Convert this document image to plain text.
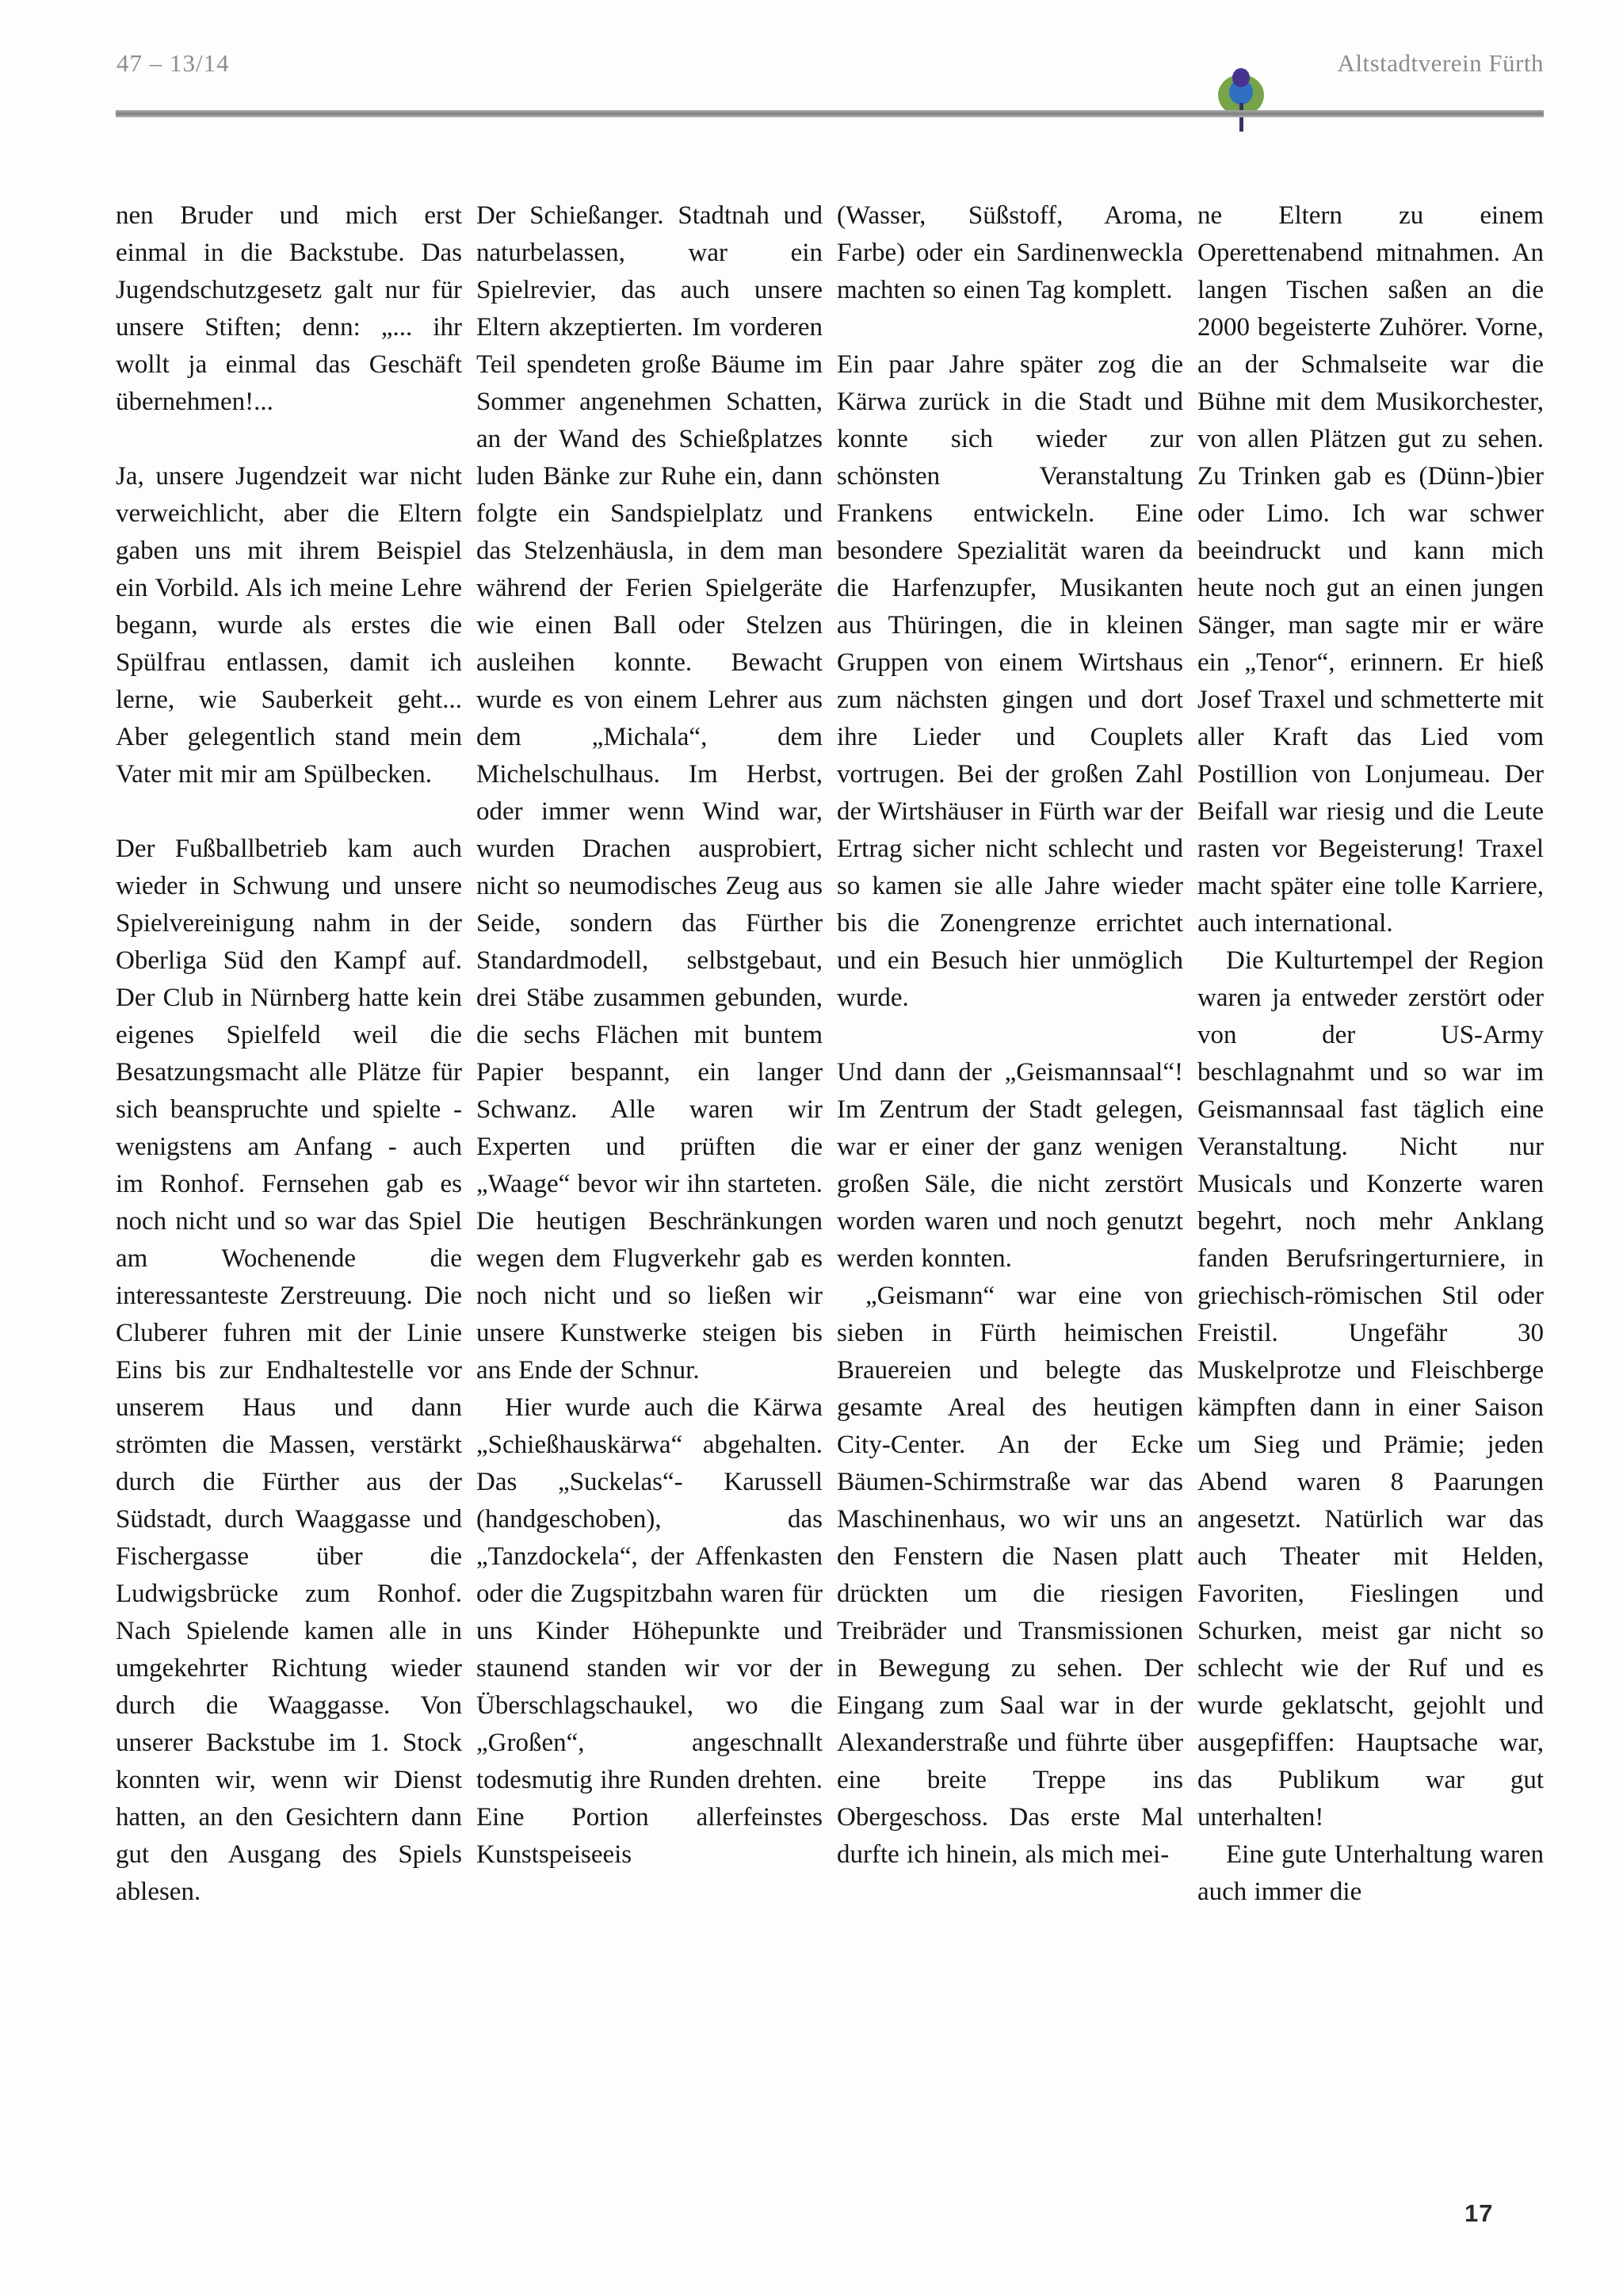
47 – 13/14	Altstadtverein Fürth

nen Bruder und mich erst einmal in die Backstube. Das Jugendschutzgesetz galt nur für unsere Stiften; denn: „... ihr wollt ja einmal das Geschäft übernehmen!...

Ja, unsere Jugendzeit war nicht verweichlicht, aber die Eltern gaben uns mit ihrem Beispiel ein Vorbild. Als ich meine Lehre begann, wurde als erstes die Spülfrau entlassen, damit ich lerne, wie Sauberkeit geht... Aber gelegentlich stand mein Vater mit mir am Spülbecken.

Der Fußballbetrieb kam auch wieder in Schwung und unsere Spielvereinigung nahm in der Oberliga Süd den Kampf auf. Der Club in Nürnberg hatte kein eigenes Spielfeld weil die Besatzungsmacht alle Plätze für sich beanspruchte und spielte - wenigstens am Anfang - auch im Ronhof. Fernsehen gab es noch nicht und so war das Spiel am Wochenende die interessanteste Zerstreuung. Die Cluberer fuhren mit der Linie Eins bis zur Endhaltestelle vor unserem Haus und dann strömten die Massen, verstärkt durch die Fürther aus der Südstadt, durch Waaggasse und Fischergasse über die Ludwigsbrücke zum Ronhof. Nach Spielende kamen alle in umgekehrter Richtung wieder durch die Waaggasse. Von unserer Backstube im 1. Stock konnten wir, wenn wir Dienst hatten, an den Gesichtern dann gut den Ausgang des Spiels ablesen.

Der Schießanger. Stadtnah und naturbelassen, war ein Spielrevier, das auch unsere Eltern akzeptierten. Im vorderen Teil spendeten große Bäume im Sommer angenehmen Schatten, an der Wand des Schießplatzes luden Bänke zur Ruhe ein, dann folgte ein Sandspielplatz und das Stelzenhäusla, in dem man während der Ferien Spielgeräte wie einen Ball oder Stelzen ausleihen konnte. Bewacht wurde es von einem Lehrer aus dem „Michala“, dem Michelschulhaus. Im Herbst, oder immer wenn Wind war, wurden Drachen ausprobiert, nicht so neumodisches Zeug aus Seide, sondern das Fürther Standardmodell, selbstgebaut, drei Stäbe zusammen gebunden, die sechs Flächen mit buntem Papier bespannt, ein langer Schwanz. Alle waren wir Experten und prüften die „Waage“ bevor wir ihn starteten. Die heutigen Beschränkungen wegen dem Flugverkehr gab es noch nicht und so ließen wir unsere Kunstwerke steigen bis ans Ende der Schnur.

Hier wurde auch die Kärwa „Schießhauskärwa“ abgehalten. Das „Suckelas“- Karussell (handgeschoben), das „Tanzdockela“, der Affenkasten oder die Zugspitzbahn waren für uns Kinder Höhepunkte und staunend standen wir vor der Überschlagschaukel, wo die „Großen“, angeschnallt todesmutig ihre Runden drehten. Eine Portion allerfeinstes Kunstspeiseeis

(Wasser, Süßstoff, Aroma, Farbe) oder ein Sardinenweckla machten so einen Tag komplett.

Ein paar Jahre später zog die Kärwa zurück in die Stadt und konnte sich wieder zur schönsten Veranstaltung Frankens entwickeln. Eine besondere Spezialität waren da die Harfenzupfer, Musikanten aus Thüringen, die in kleinen Gruppen von einem Wirtshaus zum nächsten gingen und dort ihre Lieder und Couplets vortrugen. Bei der großen Zahl der Wirtshäuser in Fürth war der Ertrag sicher nicht schlecht und so kamen sie alle Jahre wieder bis die Zonengrenze errichtet und ein Besuch hier unmöglich wurde.

Und dann der „Geismannsaal“! Im Zentrum der Stadt gelegen, war er einer der ganz wenigen großen Säle, die nicht zerstört worden waren und noch genutzt werden konnten.

„Geismann“ war eine von sieben in Fürth heimischen Brauereien und belegte das gesamte Areal des heutigen City-Center. An der Ecke Bäumen-Schirmstraße war das Maschinenhaus, wo wir uns an den Fenstern die Nasen platt drückten um die riesigen Treibräder und Transmissionen in Bewegung zu sehen. Der Eingang zum Saal war in der Alexanderstraße und führte über eine breite Treppe ins Obergeschoss. Das erste Mal durfte ich hinein, als mich mei-

ne Eltern zu einem Operettenabend mitnahmen. An langen Tischen saßen an die 2000 begeisterte Zuhörer. Vorne, an der Schmalseite war die Bühne mit dem Musikorchester, von allen Plätzen gut zu sehen. Zu Trinken gab es (Dünn-)bier oder Limo. Ich war schwer beeindruckt und kann mich heute noch gut an einen jungen Sänger, man sagte mir er wäre ein „Tenor“, erinnern. Er hieß Josef Traxel und schmetterte mit aller Kraft das Lied vom Postillion von Lonjumeau. Der Beifall war riesig und die Leute rasten vor Begeisterung! Traxel macht später eine tolle Karriere, auch international.

Die Kulturtempel der Region waren ja entweder zerstört oder von der US-Army beschlagnahmt und so war im Geismannsaal fast täglich eine Veranstaltung. Nicht nur Musicals und Konzerte waren begehrt, noch mehr Anklang fanden Berufsringerturniere, in griechisch-römischen Stil oder Freistil. Ungefähr 30 Muskelprotze und Fleischberge kämpften dann in einer Saison um Sieg und Prämie; jeden Abend waren 8 Paarungen angesetzt. Natürlich war das auch Theater mit Helden, Favoriten, Fieslingen und Schurken, meist gar nicht so schlecht wie der Ruf und es wurde geklatscht, gejohlt und ausgepfiffen: Hauptsache war, das Publikum war gut unterhalten!

Eine gute Unterhaltung waren auch immer die

17
